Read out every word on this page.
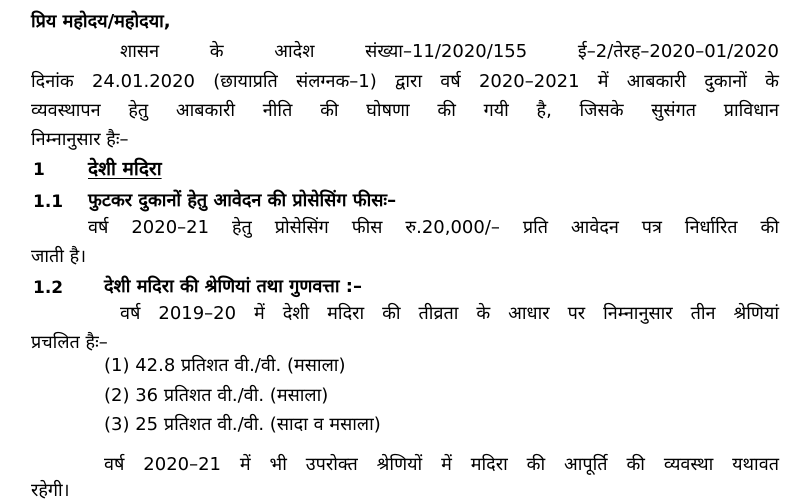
प्रिय महोदय/महोदया,
शासन के आदेश संख्या–11/2020/155 ई–2/तेरह–2020–01/2020
दिनांक 24.01.2020 (छायाप्रति संलग्नक–1) द्वारा वर्ष 2020–2021 में आबकारी दुकानों के
व्यवस्थापन हेतु आबकारी नीति की घोषणा की गयी है, जिसके सुसंगत प्राविधान
निम्नानुसार हैः–
1 देशी मदिरा
1.1 फुटकर दुकानों हेतु आवेदन की प्रोसेसिंग फीसः–
वर्ष 2020–21 हेतु प्रोसेसिंग फीस रु.20,000/– प्रति आवेदन पत्र निर्धारित की
जाती है।
1.2 देशी मदिरा की श्रेणियां तथा गुणवत्ता :–
वर्ष 2019–20 में देशी मदिरा की तीव्रता के आधार पर निम्नानुसार तीन श्रेणियां
प्रचलित हैः–
(1) 42.8 प्रतिशत वी./वी. (मसाला)
(2) 36 प्रतिशत वी./वी. (मसाला)
(3) 25 प्रतिशत वी./वी. (सादा व मसाला)
वर्ष 2020–21 में भी उपरोक्त श्रेणियों में मदिरा की आपूर्ति की व्यवस्था यथावत
रहेगी।
